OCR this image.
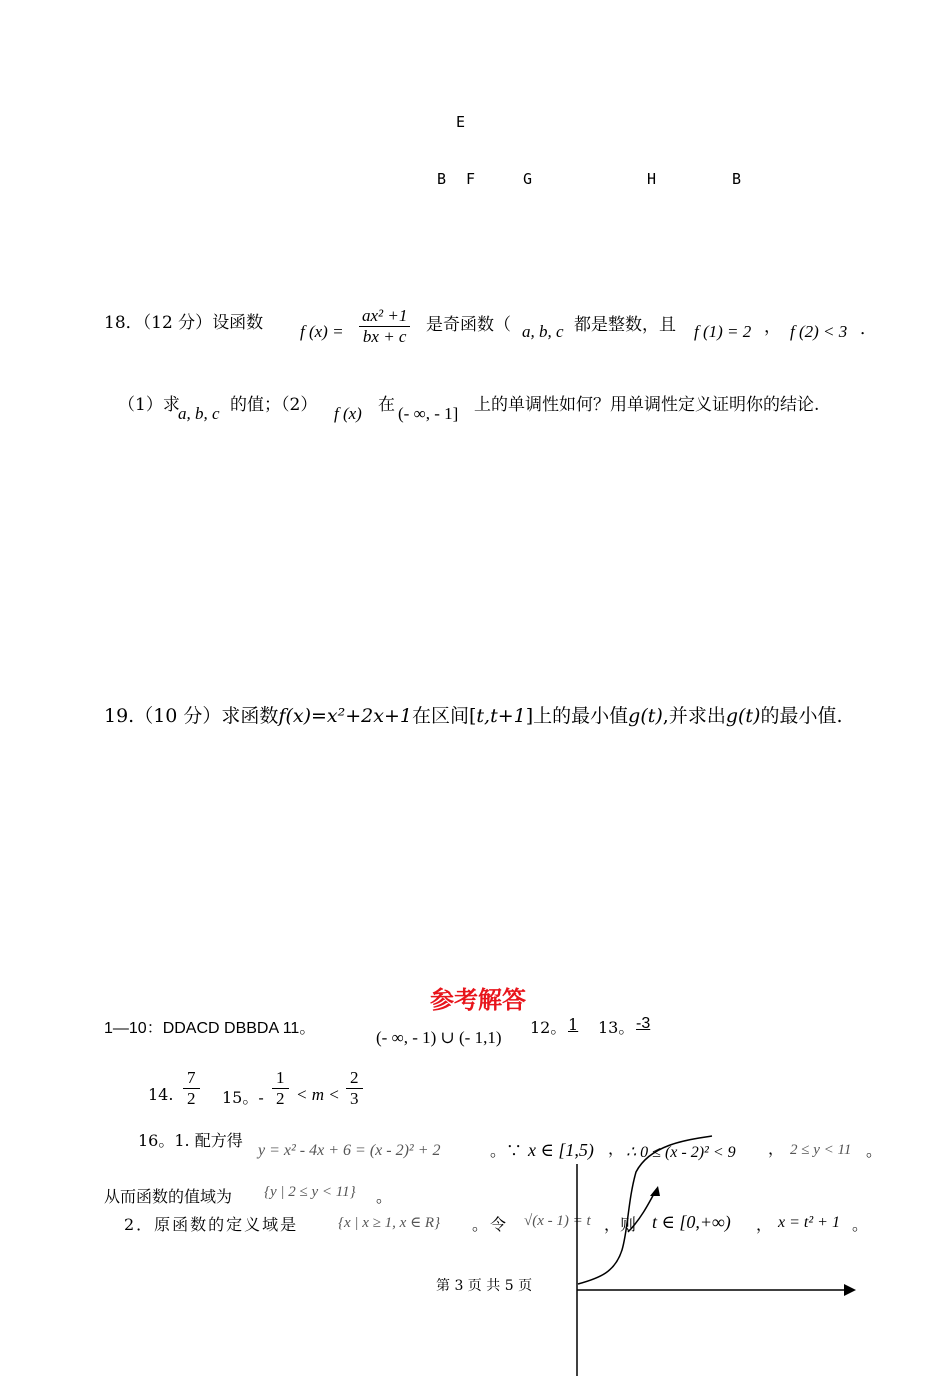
E
B F	G	H	B
18．（12 分）设函数 f $(x) = \frac{\text{ax² +1}}{bx + c}$ 是奇函数（ a, b, c 都是整数，且 f (1) = 2 ， f (2) < 3 ．
（1）求
a, b, c 的值；（2） f (x) 在 (- ∞, - 1] 上的单调性如何？用单调性定义证明你的结论.
19.（10 分）求函数f(x)=x²+2x+1在区间[t,t+1]上的最小值g(t),并求出g(t)的最小值.
参考解答
1—10：DDACD DBBDA 11。	(- ∞, - 1) ∪ (- 1,1)
12。 1	13。 -3
14. $\frac{7}{2} 15$。- $\frac{1}{2} < m < \frac{2}{3}$
16。1. 配方得
y = x² - 4x + 6 = (x - 2)² + 2	。∵ x ∈ [1,5) ， ∴ 0 ≤ (x - 2)² < 9 ， 2 ≤ y < 11 。
从而函数的值域为 {y | 2 ≤ y < 11} 。
2．原函数的定义域是	{x | x ≥ 1, x ∈ R} 。令 √(x - 1) = t ，则 t ∈ [0,+∞) ， x = t² + 1 。
第 3 页 共 5 页
